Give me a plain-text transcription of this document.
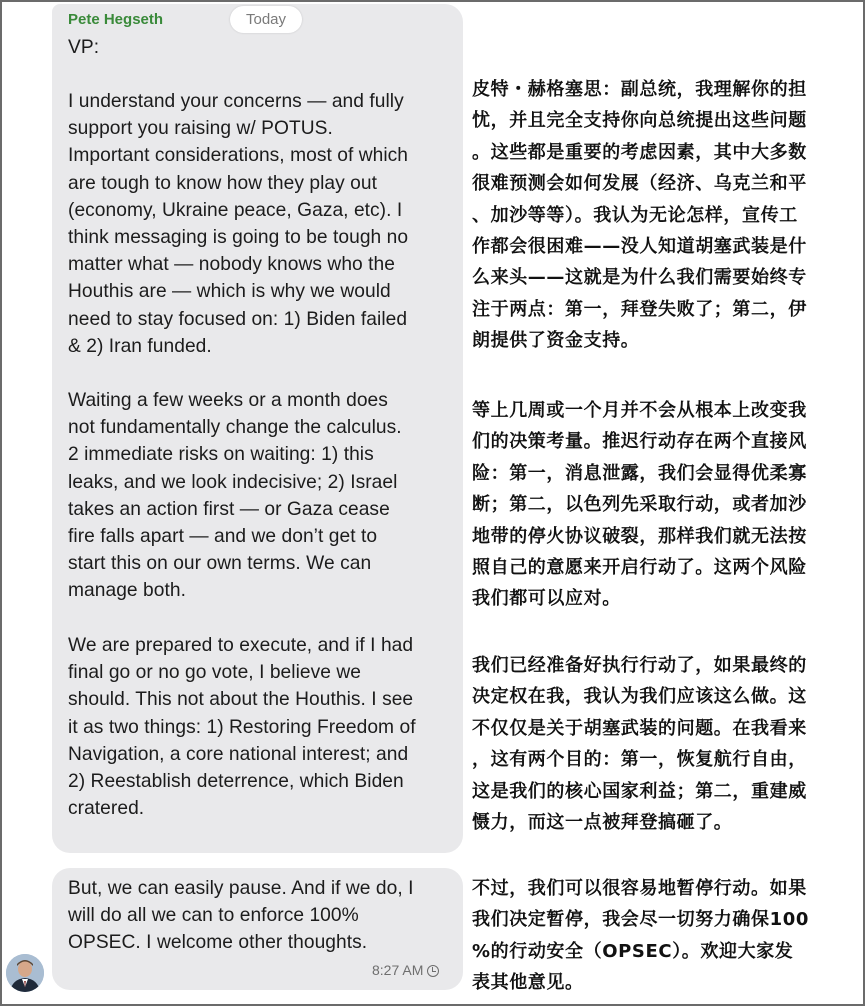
Pete Hegseth	Today
VP:
I understand your concerns — and fully
support you raising w/ POTUS.
Important considerations, most of which
are tough to know how they play out
(economy, Ukraine peace, Gaza, etc). I
think messaging is going to be tough no
matter what — nobody knows who the
Houthis are — which is why we would
need to stay focused on: 1) Biden failed
& 2) Iran funded.
Waiting a few weeks or a month does
not fundamentally change the calculus.
2 immediate risks on waiting: 1) this
leaks, and we look indecisive; 2) Israel
takes an action first — or Gaza cease
fire falls apart — and we don’t get to
start this on our own terms. We can
manage both.
We are prepared to execute, and if I had
final go or no go vote, I believe we
should. This not about the Houthis. I see
it as two things: 1) Restoring Freedom of
Navigation, a core national interest; and
2) Reestablish deterrence, which Biden
cratered.
But, we can easily pause. And if we do, I
will do all we can to enforce 100%
OPSEC. I welcome other thoughts.
8:27 AM
皮特・赫格塞思：副总统，我理解你的担
忧，并且完全支持你向总统提出这些问题
。这些都是重要的考虑因素，其中大多数
很难预测会如何发展（经济、乌克兰和平
、加沙等等）。我认为无论怎样，宣传工
作都会很困难——没人知道胡塞武装是什
么来头——这就是为什么我们需要始终专
注于两点：第一，拜登失败了；第二，伊
朗提供了资金支持。
等上几周或一个月并不会从根本上改变我
们的决策考量。推迟行动存在两个直接风
险：第一，消息泄露，我们会显得优柔寡
断；第二，以色列先采取行动，或者加沙
地带的停火协议破裂，那样我们就无法按
照自己的意愿来开启行动了。这两个风险
我们都可以应对。
我们已经准备好执行行动了，如果最终的
决定权在我，我认为我们应该这么做。这
不仅仅是关于胡塞武装的问题。在我看来
，这有两个目的：第一，恢复航行自由，
这是我们的核心国家利益；第二，重建威
慑力，而这一点被拜登搞砸了。
不过，我们可以很容易地暂停行动。如果
我们决定暂停，我会尽一切努力确保100
%的行动安全（OPSEC）。欢迎大家发
表其他意见。
